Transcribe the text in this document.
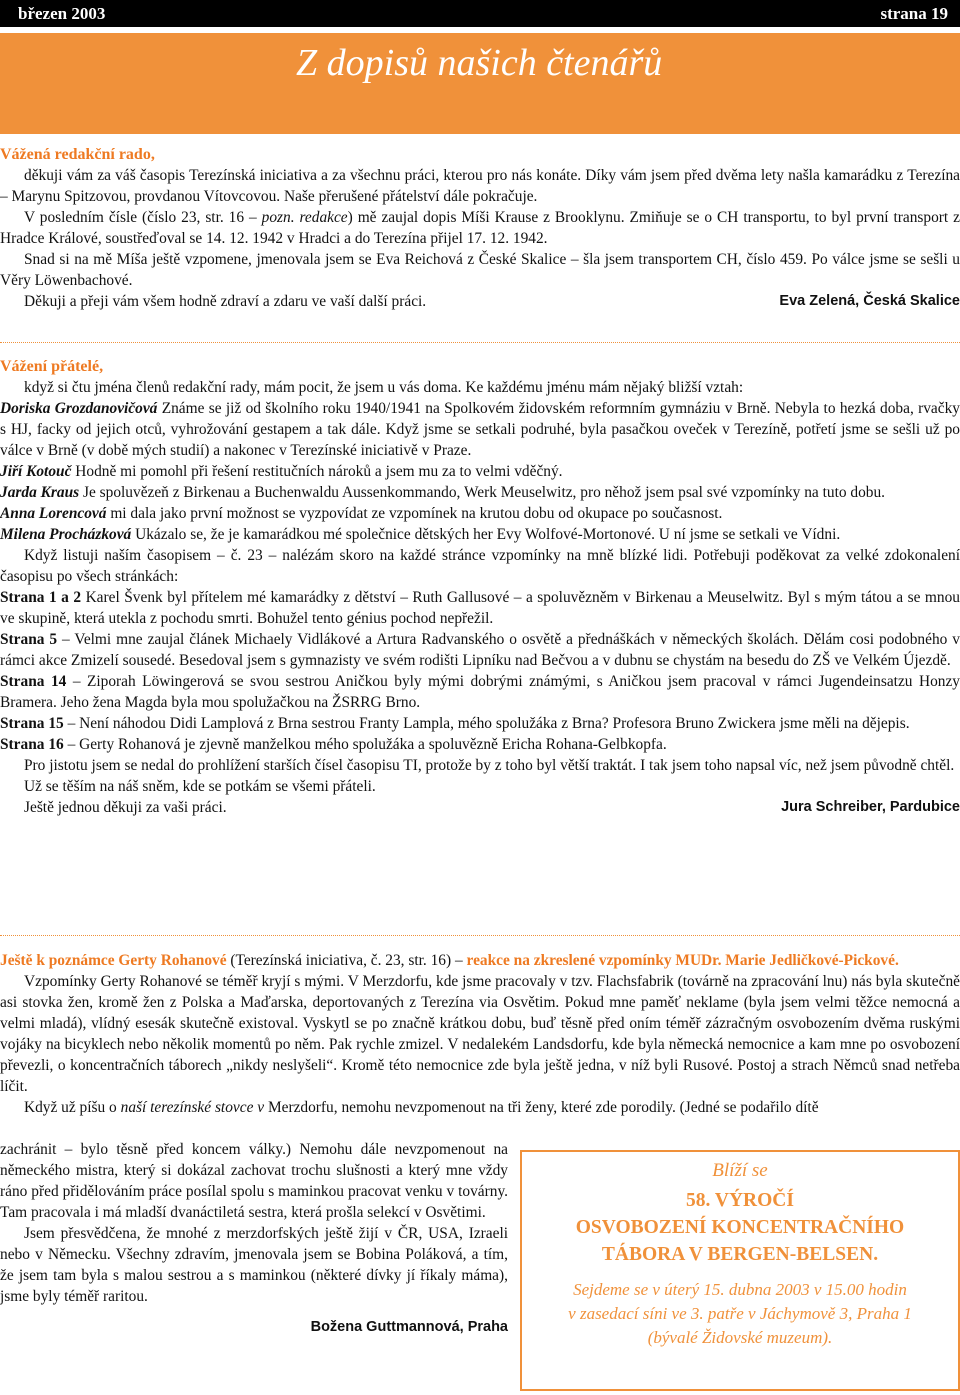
březen 2003	strana 19
Z dopisů našich čtenářů

Vážená redakční rado,

děkuji vám za váš časopis Terezínská iniciativa a za všechnu práci, kterou pro nás konáte. Díky vám jsem před dvěma lety našla kamarádku z Terezína – Marynu Spitzovou, provdanou Vítovcovou. Naše přerušené přátelství dále pokračuje.

V posledním čísle (číslo 23, str. 16 – pozn. redakce) mě zaujal dopis Míši Krause z Brooklynu. Zmiňuje se o CH transportu, to byl první transport z Hradce Králové, soustřeďoval se 14. 12. 1942 v Hradci a do Terezína přijel 17. 12. 1942.

Snad si na mě Míša ještě vzpomene, jmenovala jsem se Eva Reichová z České Skalice – šla jsem transportem CH, číslo 459. Po válce jsme se sešli u Věry Löwenbachové.

Děkuji a přeji vám všem hodně zdraví a zdaru ve vaší další práci.	Eva Zelená, Česká Skalice

Vážení přátelé,

když si čtu jména členů redakční rady, mám pocit, že jsem u vás doma. Ke každému jménu mám nějaký bližší vztah:

Doriska Grozdanovičová Známe se již od školního roku 1940/1941 na Spolkovém židovském reformním gymnáziu v Brně. Nebyla to hezká doba, rvačky s HJ, facky od jejich otců, vyhrožování gestapem a tak dále. Když jsme se setkali podruhé, byla pasačkou oveček v Terezíně, potřetí jsme se sešli už po válce v Brně (v době mých studií) a nakonec v Terezínské iniciativě v Praze.

Jiří Kotouč Hodně mi pomohl při řešení restitučních nároků a jsem mu za to velmi vděčný.

Jarda Kraus Je spoluvězeň z Birkenau a Buchenwaldu Aussenkommando, Werk Meuselwitz, pro něhož jsem psal své vzpomínky na tuto dobu.

Anna Lorencová mi dala jako první možnost se vyzpovídat ze vzpomínek na krutou dobu od okupace po současnost.

Milena Procházková Ukázalo se, že je kamarádkou mé společnice dětských her Evy Wolfové-Mortonové. U ní jsme se setkali ve Vídni.

Když listuji naším časopisem – č. 23 – nalézám skoro na každé stránce vzpomínky na mně blízké lidi. Potřebuji poděkovat za velké zdokonalení časopisu po všech stránkách:

Strana 1 a 2 Karel Švenk byl přítelem mé kamarádky z dětství – Ruth Gallusové – a spoluvězněm v Birkenau a Meuselwitz. Byl s mým tátou a se mnou ve skupině, která utekla z pochodu smrti. Bohužel tento génius pochod nepřežil.

Strana 5 – Velmi mne zaujal článek Michaely Vidlákové a Artura Radvanského o osvětě a přednáškách v německých školách. Dělám cosi podobného v rámci akce Zmizelí sousedé. Besedoval jsem s gymnazisty ve svém rodišti Lipníku nad Bečvou a v dubnu se chystám na besedu do ZŠ ve Velkém Újezdě.

Strana 14 – Ziporah Löwingerová se svou sestrou Aničkou byly mými dobrými známými, s Aničkou jsem pracoval v rámci Jugendeinsatzu Honzy Bramera. Jeho žena Magda byla mou spolužačkou na ŽSRRG Brno.

Strana 15 – Není náhodou Didi Lamplová z Brna sestrou Franty Lampla, mého spolužáka z Brna? Profesora Bruno Zwickera jsme měli na dějepis.

Strana 16 – Gerty Rohanová je zjevně manželkou mého spolužáka a spoluvězně Ericha Rohana-Gelbkopfa.

Pro jistotu jsem se nedal do prohlížení starších čísel časopisu TI, protože by z toho byl větší traktát. I tak jsem toho napsal víc, než jsem původně chtěl.

Už se těším na náš sněm, kde se potkám se všemi přáteli.

Ještě jednou děkuji za vaši práci.	Jura Schreiber, Pardubice

Ještě k poznámce Gerty Rohanové (Terezínská iniciativa, č. 23, str. 16) – reakce na zkreslené vzpomínky MUDr. Marie Jedličkové-Pickové.

Vzpomínky Gerty Rohanové se téměř kryjí s mými. V Merzdorfu, kde jsme pracovaly v tzv. Flachsfabrik (továrně na zpracování lnu) nás byla skutečně asi stovka žen, kromě žen z Polska a Maďarska, deportovaných z Terezína via Osvětim. Pokud mne paměť neklame (byla jsem velmi těžce nemocná a velmi mladá), vlídný esesák skutečně existoval. Vyskytl se po značně krátkou dobu, buď těsně před oním téměř zázračným osvobozením dvěma ruskými vojáky na bicyklech nebo několik momentů po něm. Pak rychle zmizel. V nedalekém Landsdorfu, kde byla německá nemocnice a kam mne po osvobození převezli, o koncentračních táborech „nikdy neslyšeli“. Kromě této nemocnice zde byla ještě jedna, v níž byli Rusové. Postoj a strach Němců snad netřeba líčit.

Když už píšu o naší terezínské stovce v Merzdorfu, nemohu nevzpomenout na tři ženy, které zde porodily. (Jedné se podařilo dítě

zachránit – bylo těsně před koncem války.) Nemohu dále nevzpomenout na německého mistra, který si dokázal zachovat trochu slušnosti a který mne vždy ráno před přidělováním práce posílal spolu s maminkou pracovat venku v továrny. Tam pracovala i má mladší dvanáctiletá sestra, která prošla selekcí v Osvětimi.

Jsem přesvědčena, že mnohé z merzdorfských ještě žijí v ČR, USA, Izraeli nebo v Německu. Všechny zdravím, jmenovala jsem se Bobina Poláková, a tím, že jsem tam byla s malou sestrou a s maminkou (některé dívky jí říkaly máma), jsme byly téměř raritou.

Božena Guttmannová, Praha

Blíží se
58. VÝROČÍ
OSVOBOZENÍ KONCENTRAČNÍHO
TÁBORA V BERGEN-BELSEN.
Sejdeme se v úterý 15. dubna 2003 v 15.00 hodin
v zasedací síni ve 3. patře v Jáchymově 3, Praha 1
(bývalé Židovské muzeum).
